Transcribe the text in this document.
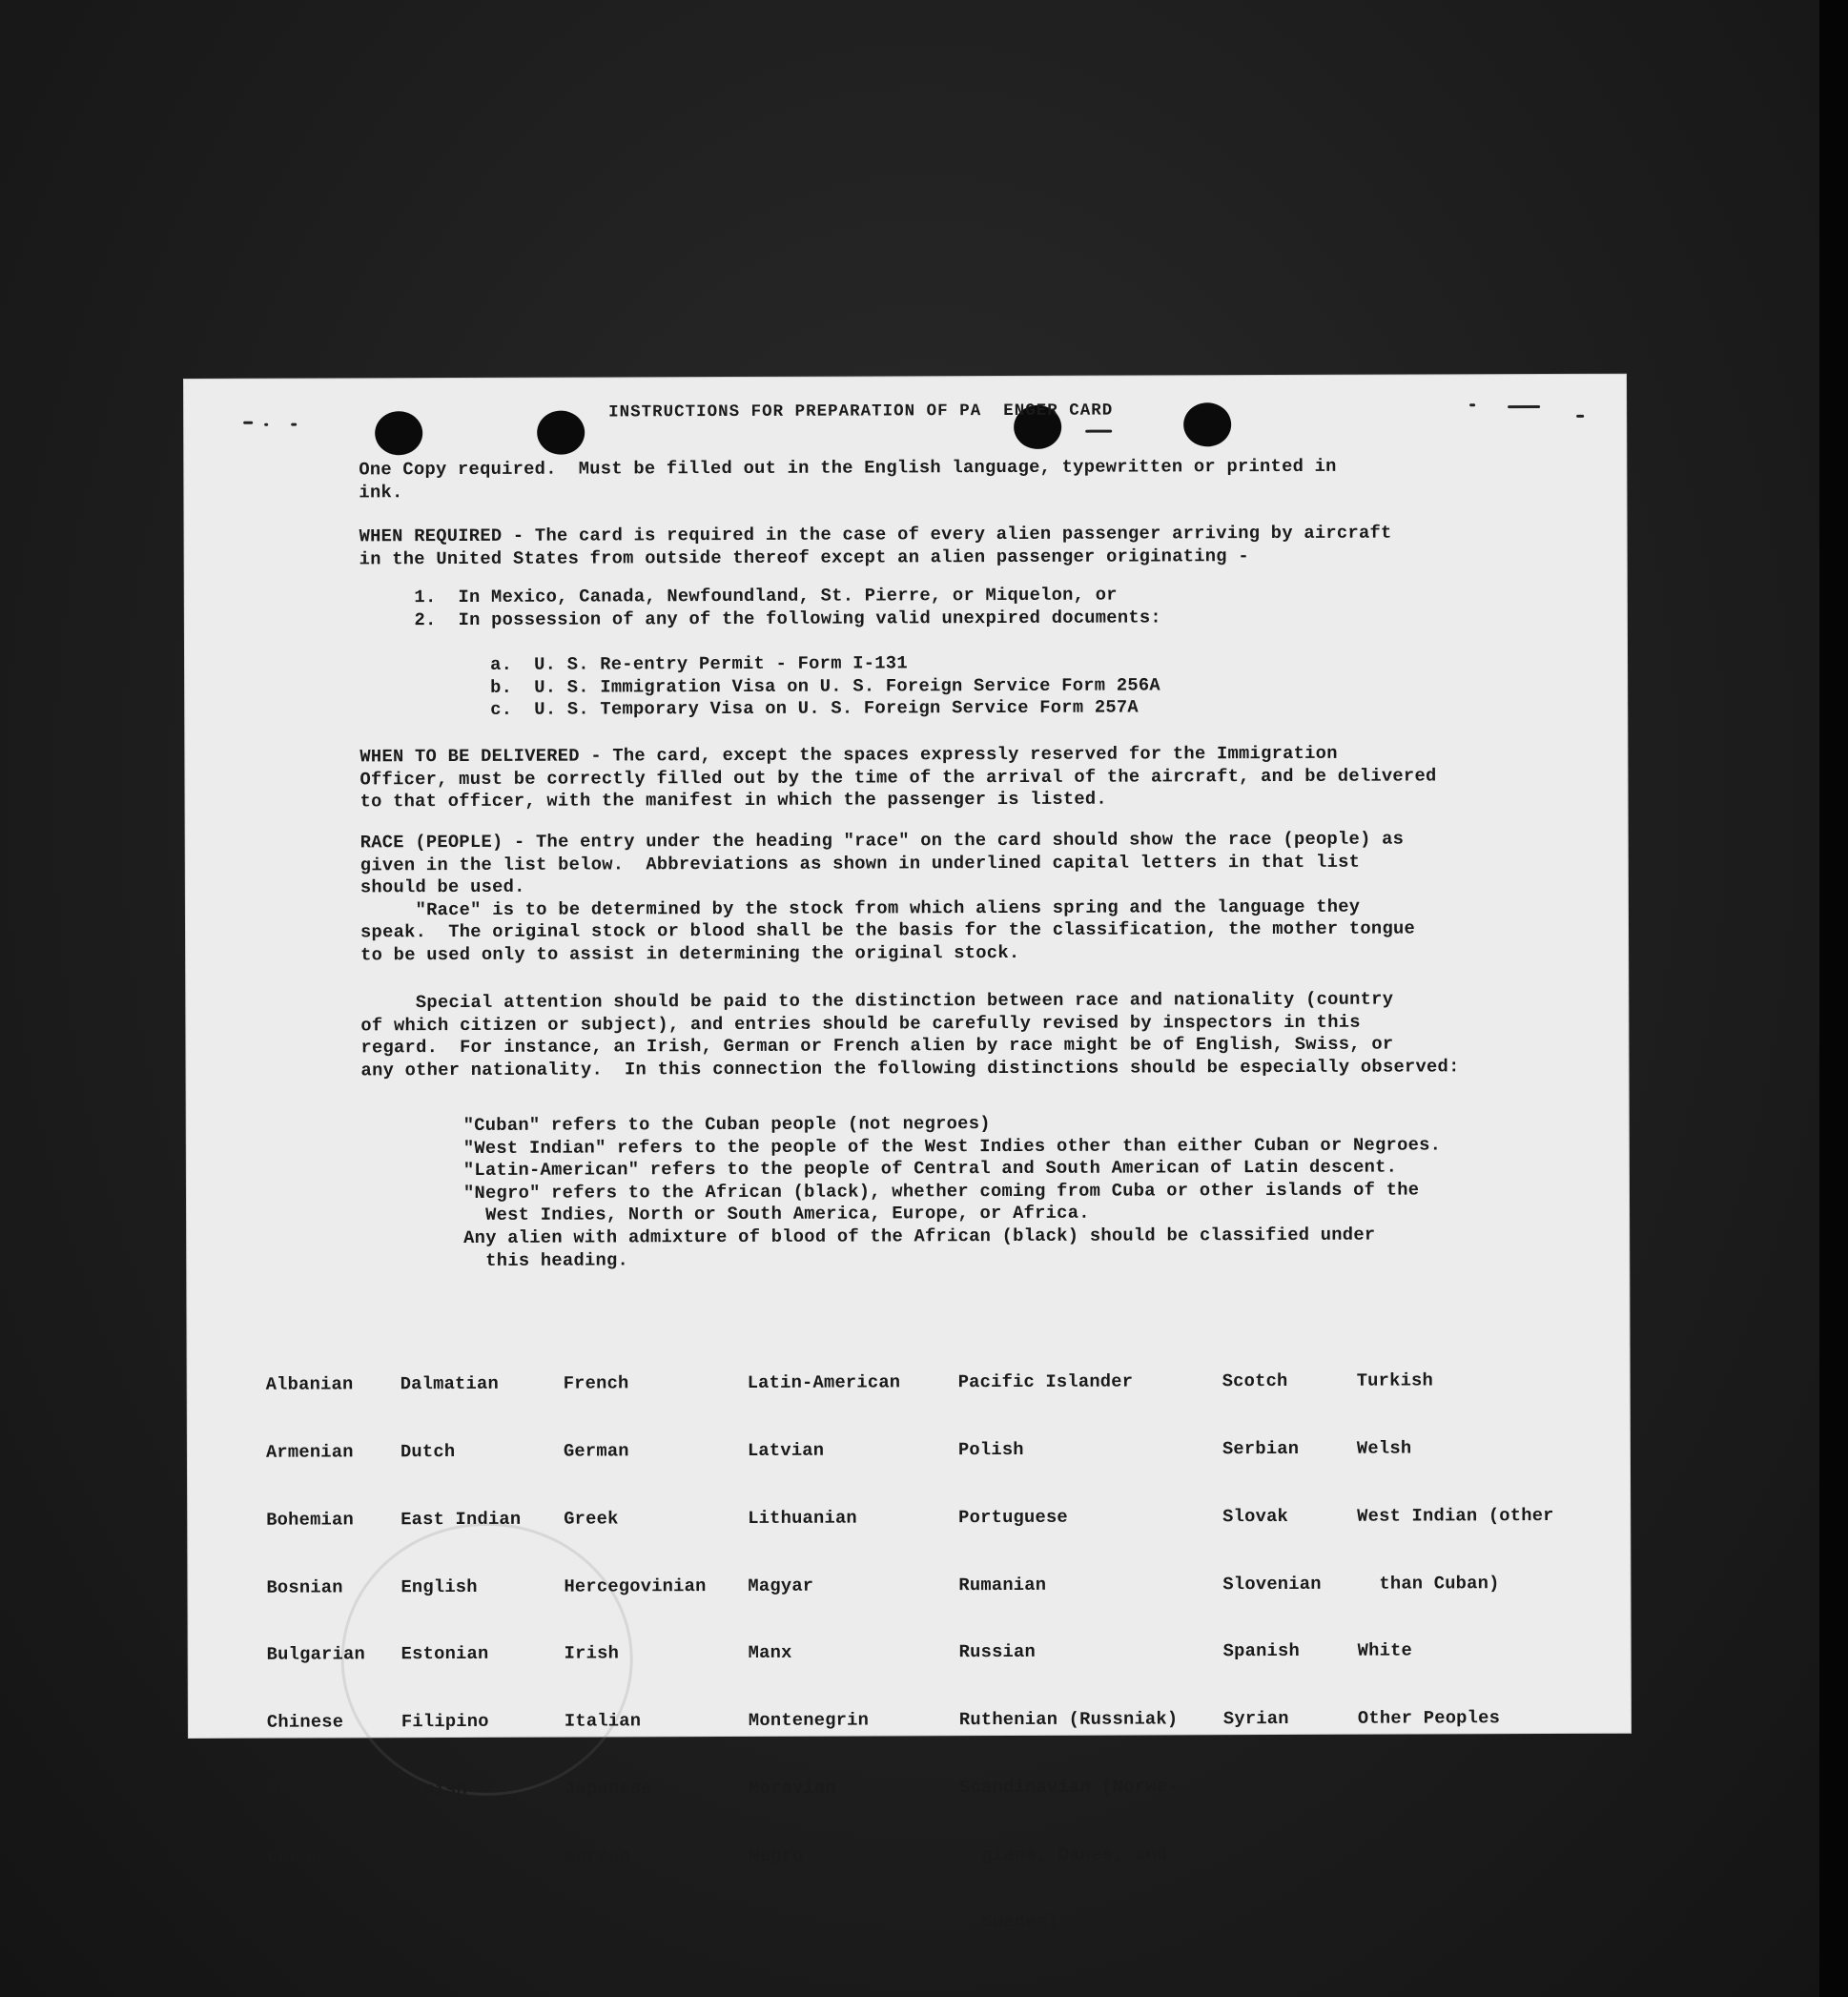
INSTRUCTIONS FOR PREPARATION OF PA  ENGER CARD
One Copy required.  Must be filled out in the English language, typewritten or printed in
ink.
WHEN REQUIRED - The card is required in the case of every alien passenger arriving by aircraft
in the United States from outside thereof except an alien passenger originating -
1.  In Mexico, Canada, Newfoundland, St. Pierre, or Miquelon, or
2.  In possession of any of the following valid unexpired documents:
a.  U. S. Re-entry Permit - Form I-131
b.  U. S. Immigration Visa on U. S. Foreign Service Form 256A
c.  U. S. Temporary Visa on U. S. Foreign Service Form 257A
WHEN TO BE DELIVERED - The card, except the spaces expressly reserved for the Immigration
Officer, must be correctly filled out by the time of the arrival of the aircraft, and be delivered
to that officer, with the manifest in which the passenger is listed.
RACE (PEOPLE) - The entry under the heading "race" on the card should show the race (people) as
given in the list below.  Abbreviations as shown in underlined capital letters in that list
should be used.
"Race" is to be determined by the stock from which aliens spring and the language they
speak.  The original stock or blood shall be the basis for the classification, the mother tongue
to be used only to assist in determining the original stock.
Special attention should be paid to the distinction between race and nationality (country
of which citizen or subject), and entries should be carefully revised by inspectors in this
regard.  For instance, an Irish, German or French alien by race might be of English, Swiss, or
any other nationality.  In this connection the following distinctions should be especially observed:
"Cuban" refers to the Cuban people (not negroes)
"West Indian" refers to the people of the West Indies other than either Cuban or Negroes.
"Latin-American" refers to the people of Central and South American of Latin descent.
"Negro" refers to the African (black), whether coming from Cuba or other islands of the
West Indies, North or South America, Europe, or Africa.
Any alien with admixture of blood of the African (black) should be classified under
this heading.

Albanian

Armenian

Bohemian

Bosnian

Bulgarian

Chinese

Croatian

Cuban

Dalmatian

Dutch

East Indian

English

Estonian

Filipino

Finish

Flemish

French

German

Greek

Hercegovinian

Irish

Italian

Japanese

Korean

Latin-American

Latvian

Lithuanian

Magyar

Manx

Montenegrin

Moravian

Negro

Pacific Islander

Polish

Portuguese

Rumanian

Russian

Ruthenian (Russniak)

Scandinavian (Norwe-

gians, Danes, and

Swedes)

Scotch

Serbian

Slovak

Slovenian

Spanish

Syrian

Turkish

Welsh

West Indian (other

than Cuban)

White

Other Peoples
